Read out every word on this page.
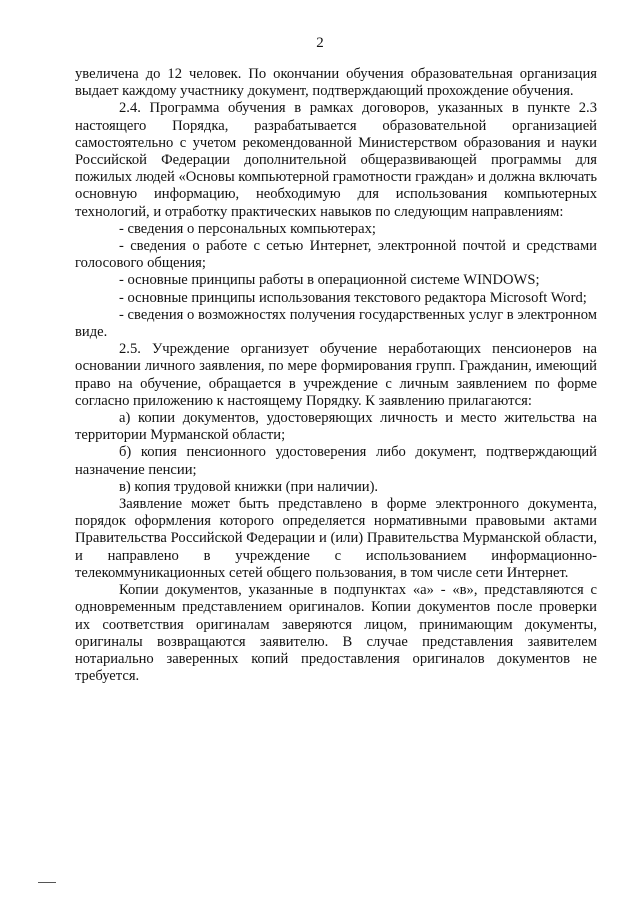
2

увеличена до 12 человек. По окончании обучения образовательная организация выдает каждому участнику документ, подтверждающий прохождение обучения.

2.4. Программа обучения в рамках договоров, указанных в пункте 2.3 настоящего Порядка, разрабатывается образовательной организацией самостоятельно с учетом рекомендованной Министерством образования и науки Российской Федерации дополнительной общеразвивающей программы для пожилых людей «Основы компьютерной грамотности граждан» и должна включать основную информацию, необходимую для использования компьютерных технологий, и отработку практических навыков по следующим направлениям:

- сведения о персональных компьютерах;

- сведения о работе с сетью Интернет, электронной почтой и средствами голосового общения;

- основные принципы работы в операционной системе WINDOWS;

- основные принципы использования текстового редактора Microsoft Word;

- сведения о возможностях получения государственных услуг в электронном виде.

2.5. Учреждение организует обучение неработающих пенсионеров на основании личного заявления, по мере формирования групп. Гражданин, имеющий право на обучение, обращается в учреждение с личным заявлением по форме согласно приложению к настоящему Порядку. К заявлению прилагаются:

а) копии документов, удостоверяющих личность и место жительства на территории Мурманской области;

б) копия пенсионного удостоверения либо документ, подтверждающий назначение пенсии;

в) копия трудовой книжки (при наличии).

Заявление может быть представлено в форме электронного документа, порядок оформления которого определяется нормативными правовыми актами Правительства Российской Федерации и (или) Правительства Мурманской области, и направлено в учреждение с использованием информационно-телекоммуникационных сетей общего пользования, в том числе сети Интернет.

Копии документов, указанные в подпунктах «а» - «в», представляются с одновременным представлением оригиналов. Копии документов после проверки их соответствия оригиналам заверяются лицом, принимающим документы, оригиналы возвращаются заявителю. В случае представления заявителем нотариально заверенных копий предоставления оригиналов документов не требуется.
